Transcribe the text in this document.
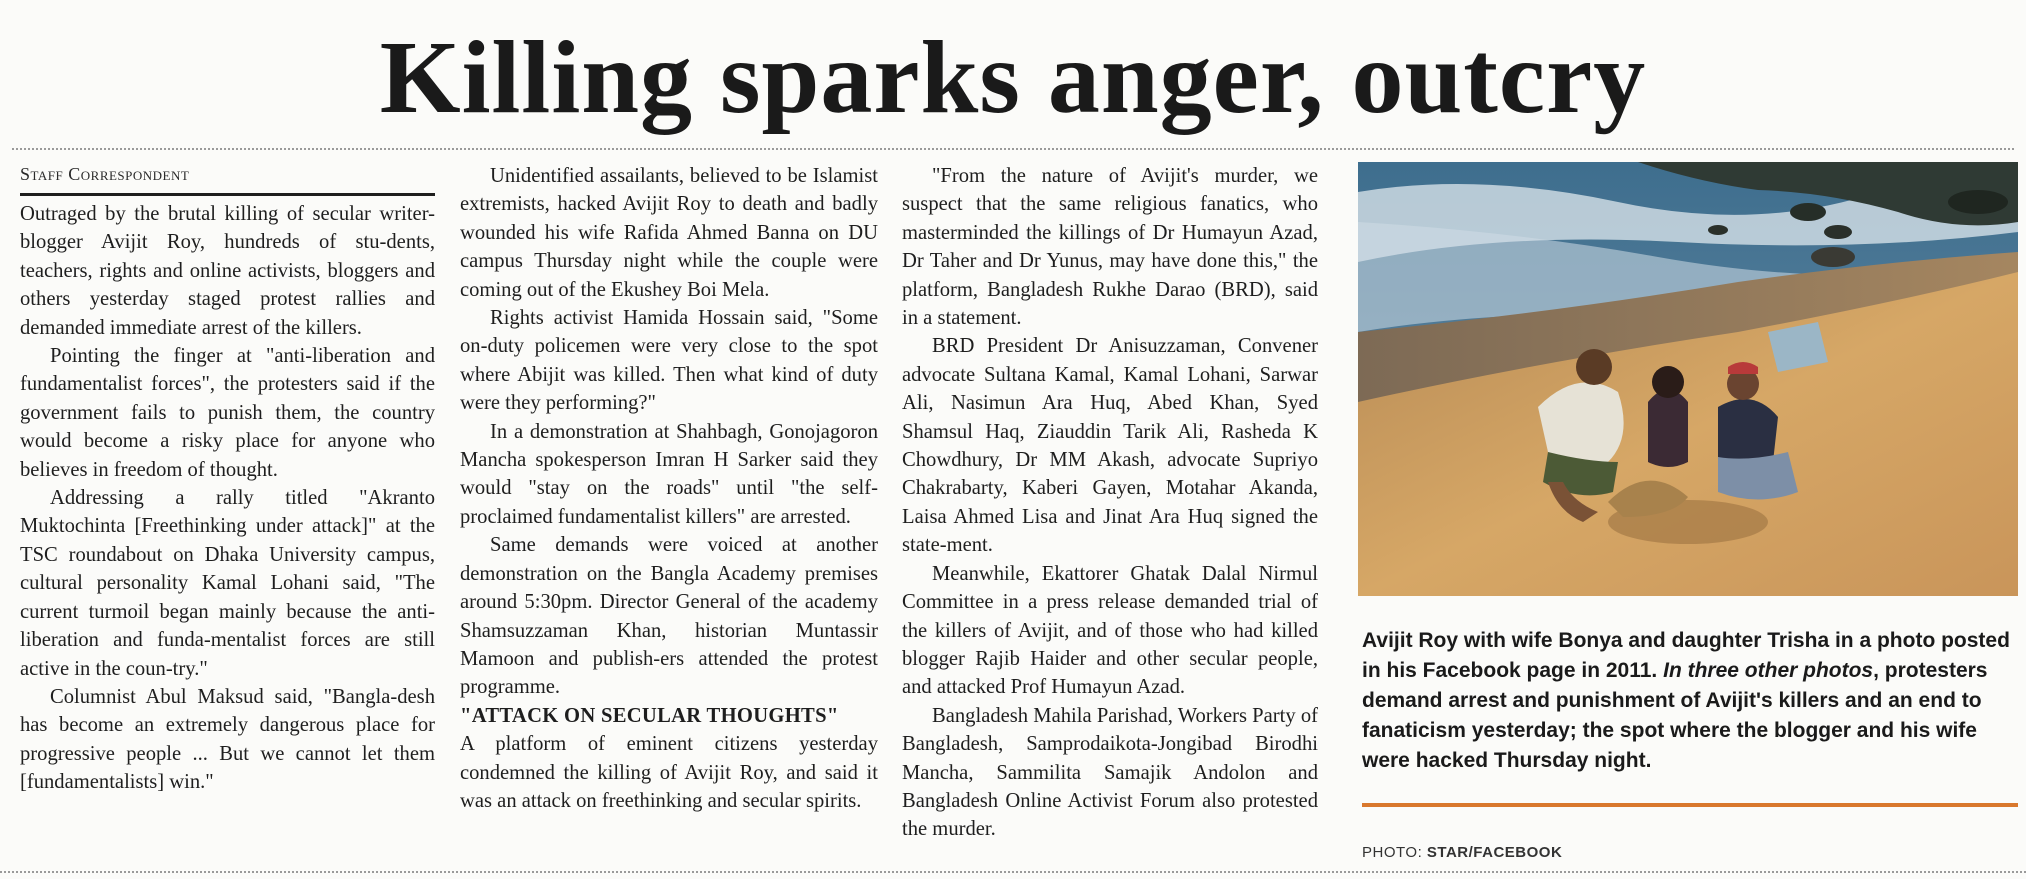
Killing sparks anger, outcry
Staff Correspondent

Outraged by the brutal killing of secular writer-blogger Avijit Roy, hundreds of stu-dents, teachers, rights and online activists, bloggers and others yesterday staged protest rallies and demanded immediate arrest of the killers.

Pointing the finger at "anti-liberation and fundamentalist forces", the protesters said if the government fails to punish them, the country would become a risky place for anyone who believes in freedom of thought.

Addressing a rally titled "Akranto Muktochinta [Freethinking under attack]" at the TSC roundabout on Dhaka University campus, cultural personality Kamal Lohani said, "The current turmoil began mainly because the anti-liberation and funda-mentalist forces are still active in the coun-try."

Columnist Abul Maksud said, "Bangla-desh has become an extremely dangerous place for progressive people ... But we cannot let them [fundamentalists] win."

Unidentified assailants, believed to be Islamist extremists, hacked Avijit Roy to death and badly wounded his wife Rafida Ahmed Banna on DU campus Thursday night while the couple were coming out of the Ekushey Boi Mela.

Rights activist Hamida Hossain said, "Some on-duty policemen were very close to the spot where Abijit was killed. Then what kind of duty were they performing?"

In a demonstration at Shahbagh, Gonojagoron Mancha spokesperson Imran H Sarker said they would "stay on the roads" until "the self-proclaimed fundamentalist killers" are arrested.

Same demands were voiced at another demonstration on the Bangla Academy premises around 5:30pm. Director General of the academy Shamsuzzaman Khan, historian Muntassir Mamoon and publish-ers attended the protest programme.

"ATTACK ON SECULAR THOUGHTS"

A platform of eminent citizens yesterday condemned the killing of Avijit Roy, and said it was an attack on freethinking and secular spirits.

"From the nature of Avijit's murder, we suspect that the same religious fanatics, who masterminded the killings of Dr Humayun Azad, Dr Taher and Dr Yunus, may have done this," the platform, Bangladesh Rukhe Darao (BRD), said in a statement.

BRD President Dr Anisuzzaman, Convener advocate Sultana Kamal, Kamal Lohani, Sarwar Ali, Nasimun Ara Huq, Abed Khan, Syed Shamsul Haq, Ziauddin Tarik Ali, Rasheda K Chowdhury, Dr MM Akash, advocate Supriyo Chakrabarty, Kaberi Gayen, Motahar Akanda, Laisa Ahmed Lisa and Jinat Ara Huq signed the state-ment.

Meanwhile, Ekattorer Ghatak Dalal Nirmul Committee in a press release demanded trial of the killers of Avijit, and of those who had killed blogger Rajib Haider and other secular people, and attacked Prof Humayun Azad.

Bangladesh Mahila Parishad, Workers Party of Bangladesh, Samprodaikota-Jongibad Birodhi Mancha, Sammilita Samajik Andolon and Bangladesh Online Activist Forum also protested the murder.

Avijit Roy with wife Bonya and daughter Trisha in a photo posted in his Facebook page in 2011. In three other photos, protesters demand arrest and punishment of Avijit's killers and an end to fanaticism yesterday; the spot where the blogger and his wife were hacked Thursday night.
PHOTO: STAR/FACEBOOK
